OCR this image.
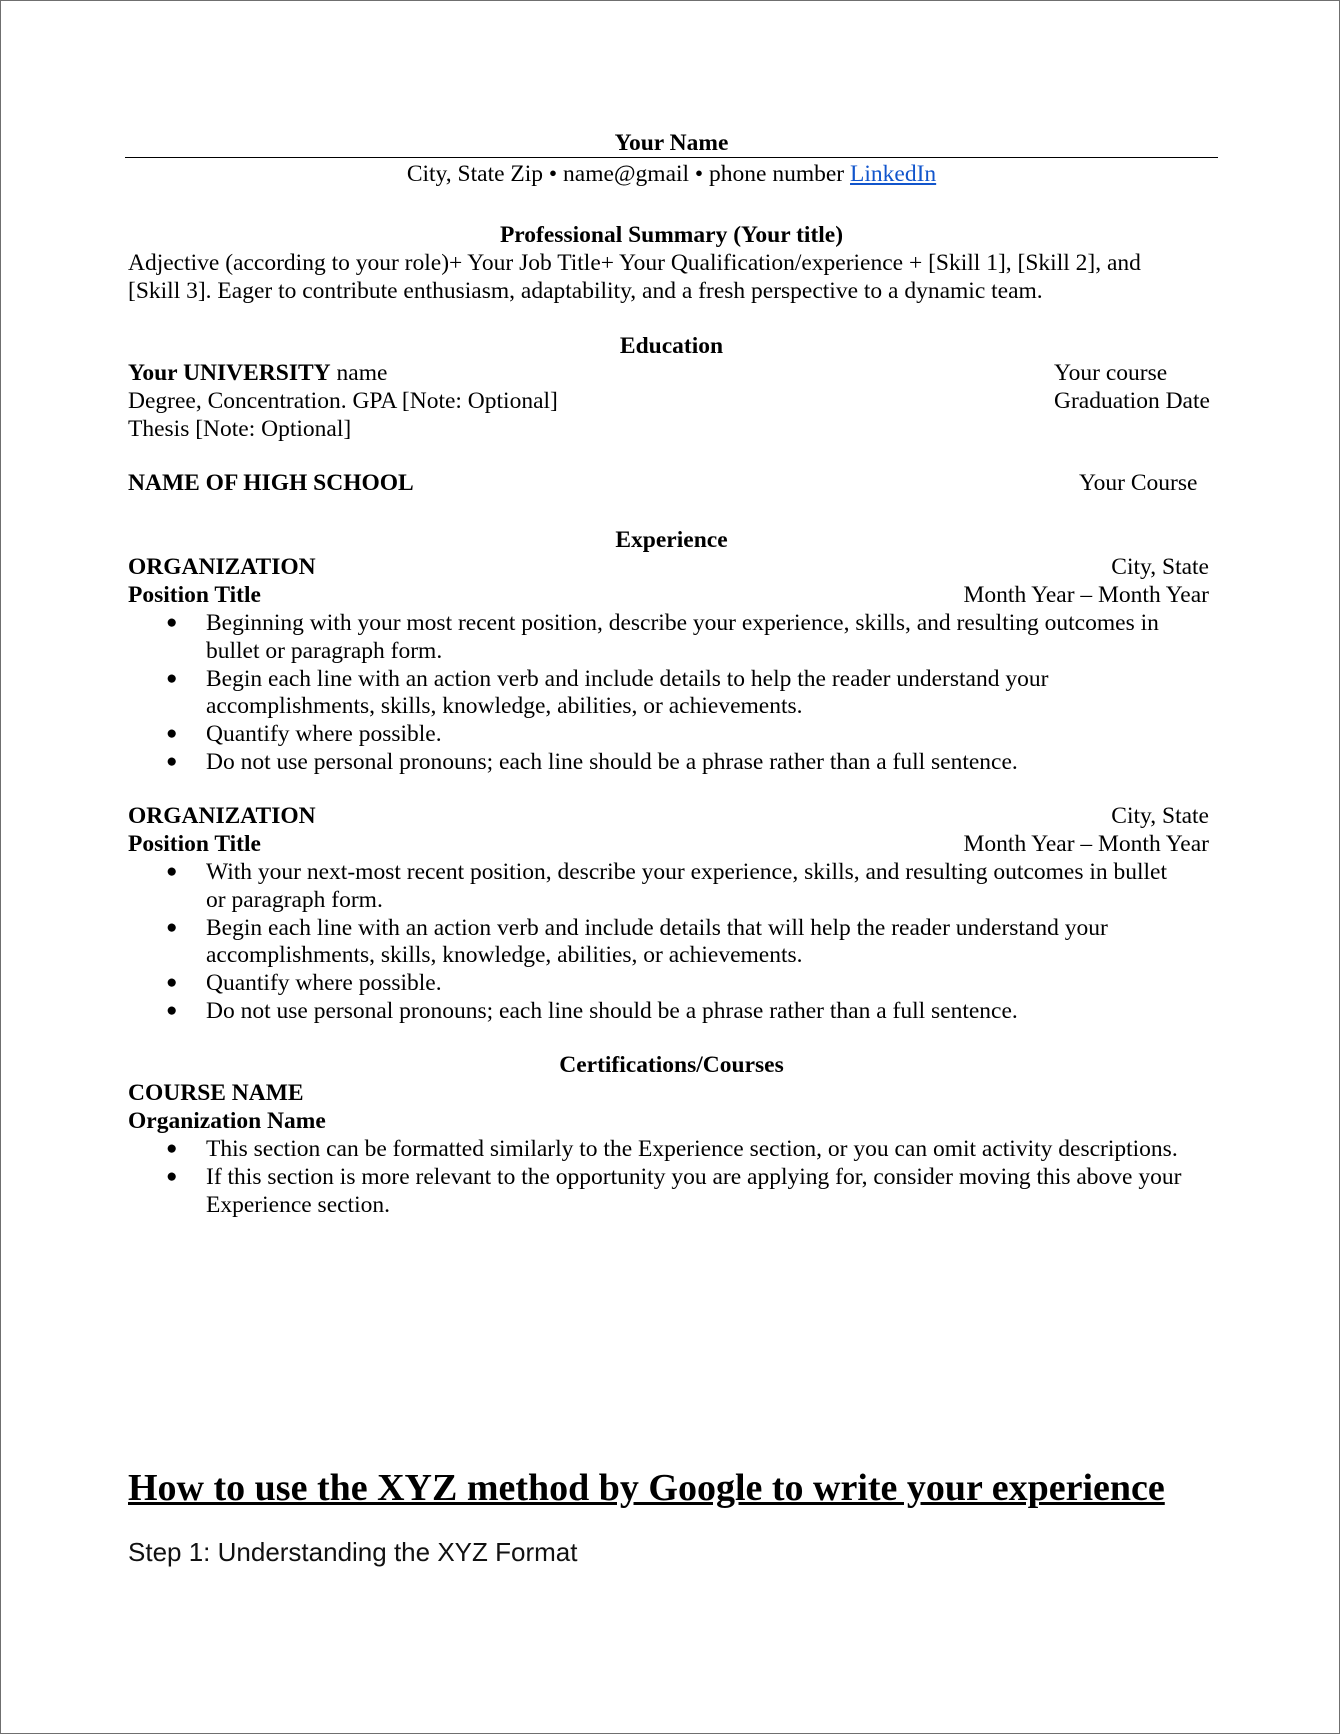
Your Name
City, State Zip • name@gmail • phone number LinkedIn
Professional Summary (Your title)
Adjective (according to your role)+ Your Job Title+ Your Qualification/experience + [Skill 1], [Skill 2], and
[Skill 3]. Eager to contribute enthusiasm, adaptability, and a fresh perspective to a dynamic team.
Education
Your UNIVERSITY name	Your course
Degree, Concentration. GPA [Note: Optional]	Graduation Date
Thesis [Note: Optional]
NAME OF HIGH SCHOOL	Your Course
Experience
ORGANIZATION	City, State
Position Title	Month Year – Month Year
● Beginning with your most recent position, describe your experience, skills, and resulting outcomes in
bullet or paragraph form.
● Begin each line with an action verb and include details to help the reader understand your
accomplishments, skills, knowledge, abilities, or achievements.
● Quantify where possible.
● Do not use personal pronouns; each line should be a phrase rather than a full sentence.
ORGANIZATION	City, State
Position Title	Month Year – Month Year
● With your next-most recent position, describe your experience, skills, and resulting outcomes in bullet
or paragraph form.
● Begin each line with an action verb and include details that will help the reader understand your
accomplishments, skills, knowledge, abilities, or achievements.
● Quantify where possible.
● Do not use personal pronouns; each line should be a phrase rather than a full sentence.
Certifications/Courses
COURSE NAME
Organization Name
● This section can be formatted similarly to the Experience section, or you can omit activity descriptions.
● If this section is more relevant to the opportunity you are applying for, consider moving this above your
Experience section.
How to use the XYZ method by Google to write your experience
Step 1: Understanding the XYZ Format
